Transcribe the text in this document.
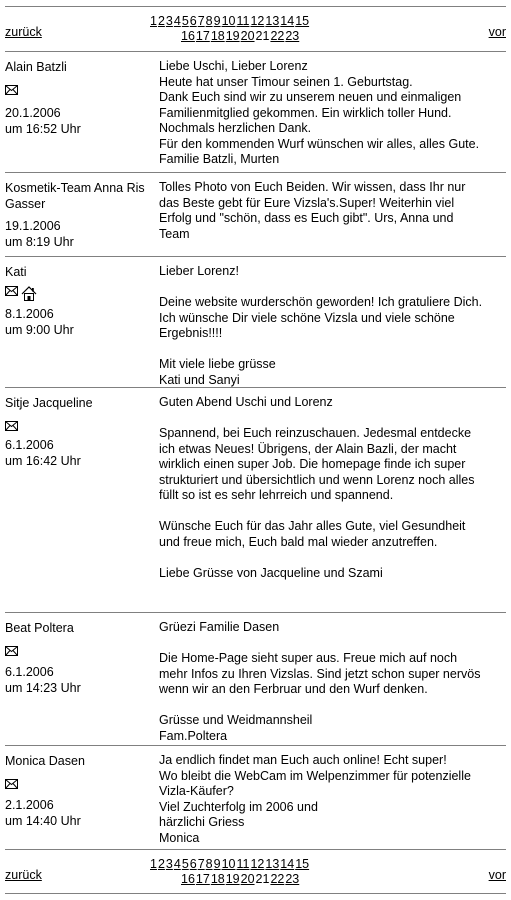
zurück
123456789101112131415
1617181920212223	vor
Alain Batzli
20.1.2006
um 16:52 Uhr

Liebe Uschi, Lieber Lorenz
Heute hat unser Timour seinen 1. Geburtstag.
Dank Euch sind wir zu unserem neuen und einmaligen
Familienmitglied gekommen. Ein wirklich toller Hund.
Nochmals herzlichen Dank.
Für den kommenden Wurf wünschen wir alles, alles Gute.
Familie Batzli, Murten

Kosmetik-Team Anna Ris Gasser
19.1.2006
um 8:19 Uhr

Tolles Photo von Euch Beiden. Wir wissen, dass Ihr nur
das Beste gebt für Eure Vizsla's.Super! Weiterhin viel
Erfolg und "schön, dass es Euch gibt". Urs, Anna und
Team

Kati
8.1.2006
um 9:00 Uhr

Lieber Lorenz!

Deine website wurderschön geworden! Ich gratuliere Dich.
Ich wünsche Dir viele schöne Vizsla und viele schöne
Ergebnis!!!!

Mit viele liebe grüsse
Kati und Sanyi

Sitje Jacqueline
6.1.2006
um 16:42 Uhr

Guten Abend Uschi und Lorenz

Spannend, bei Euch reinzuschauen. Jedesmal entdecke
ich etwas Neues! Übrigens, der Alain Bazli, der macht
wirklich einen super Job. Die homepage finde ich super
strukturiert und übersichtlich und wenn Lorenz noch alles
füllt so ist es sehr lehrreich und spannend.

Wünsche Euch für das Jahr alles Gute, viel Gesundheit
und freue mich, Euch bald mal wieder anzutreffen.

Liebe Grüsse von Jacqueline und Szami

Beat Poltera
6.1.2006
um 14:23 Uhr

Grüezi Familie Dasen

Die Home-Page sieht super aus. Freue mich auf noch
mehr Infos zu Ihren Vizslas. Sind jetzt schon super nervös
wenn wir an den Ferbruar und den Wurf denken.

Grüsse und Weidmannsheil
Fam.Poltera

Monica Dasen
2.1.2006
um 14:40 Uhr

Ja endlich findet man Euch auch online! Echt super!
Wo bleibt die WebCam im Welpenzimmer für potenzielle
Vizla-Käufer?
Viel Zuchterfolg im 2006 und
härzlichi Griess
Monica

zurück
123456789101112131415
1617181920212223	vor
